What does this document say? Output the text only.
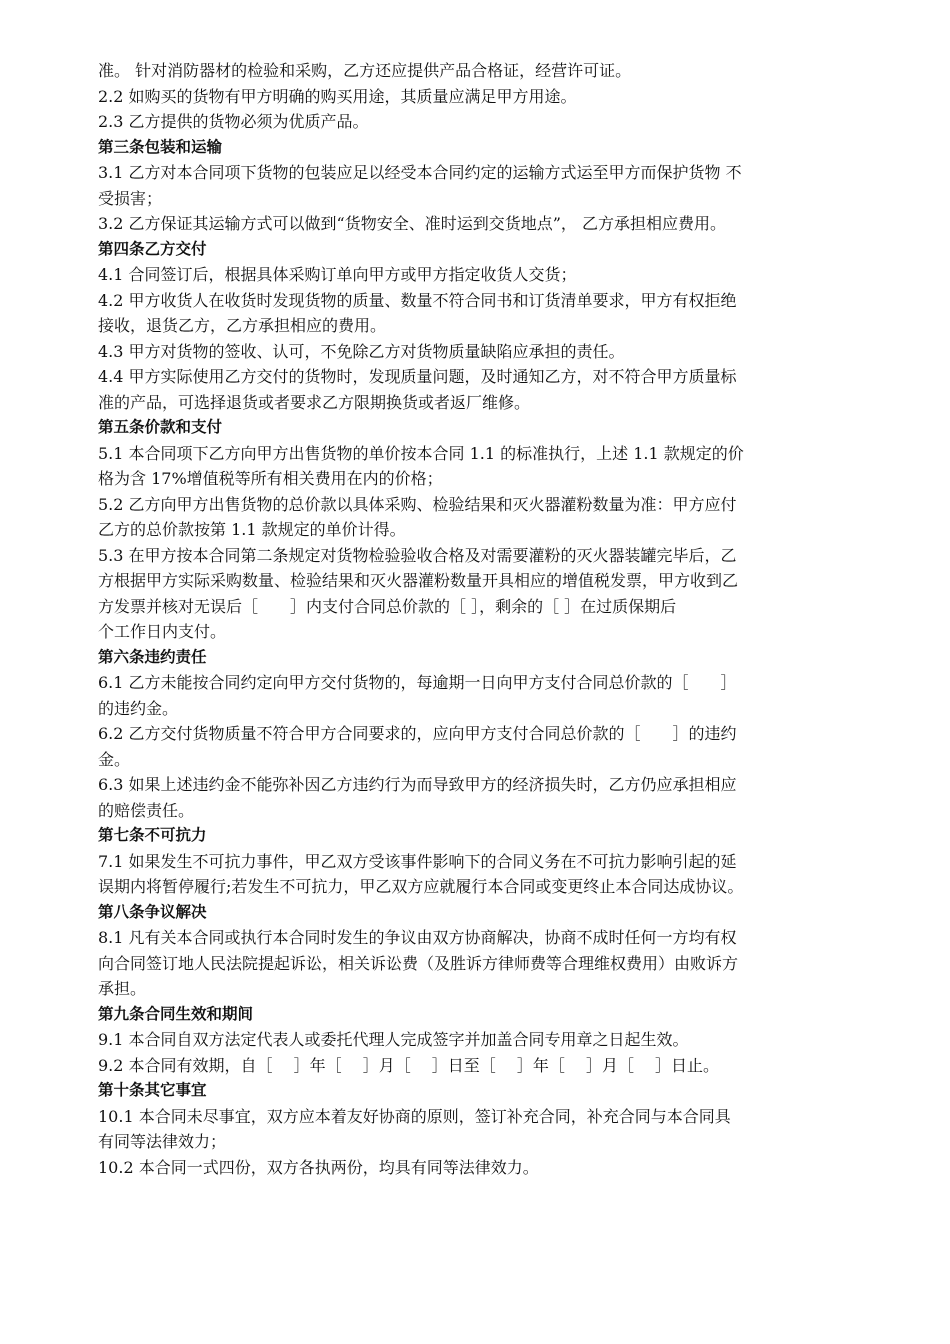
准。 针对消防器材的检验和采购，乙方还应提供产品合格证，经营许可证。
2.2 如购买的货物有甲方明确的购买用途，其质量应满足甲方用途。
2.3 乙方提供的货物必须为优质产品。
第三条包装和运输
3.1 乙方对本合同项下货物的包装应足以经受本合同约定的运输方式运至甲方而保护货物 不
受损害；
3.2 乙方保证其运输方式可以做到“货物安全、准时运到交货地点”， 乙方承担相应费用。
第四条乙方交付
4.1 合同签订后，根据具体采购订单向甲方或甲方指定收货人交货；
4.2 甲方收货人在收货时发现货物的质量、数量不符合同书和订货清单要求，甲方有权拒绝
接收，退货乙方，乙方承担相应的费用。
4.3 甲方对货物的签收、认可，不免除乙方对货物质量缺陷应承担的责任。
4.4 甲方实际使用乙方交付的货物时，发现质量问题，及时通知乙方，对不符合甲方质量标
准的产品，可选择退货或者要求乙方限期换货或者返厂维修。
第五条价款和支付
5.1 本合同项下乙方向甲方出售货物的单价按本合同 1.1 的标准执行，上述 1.1 款规定的价
格为含 17%增值税等所有相关费用在内的价格；
5.2 乙方向甲方出售货物的总价款以具体采购、检验结果和灭火器灌粉数量为准：甲方应付
乙方的总价款按第 1.1 款规定的单价计得。
5.3 在甲方按本合同第二条规定对货物检验验收合格及对需要灌粉的灭火器装罐完毕后，乙
方根据甲方实际采购数量、检验结果和灭火器灌粉数量开具相应的增值税发票，甲方收到乙
方发票并核对无误后［　　］内支付合同总价款的［ ］，剩余的［ ］在过质保期后
个工作日内支付。
第六条违约责任
6.1 乙方未能按合同约定向甲方交付货物的，每逾期一日向甲方支付合同总价款的［　　］
的违约金。
6.2 乙方交付货物质量不符合甲方合同要求的，应向甲方支付合同总价款的［　　］的违约
金。
6.3 如果上述违约金不能弥补因乙方违约行为而导致甲方的经济损失时，乙方仍应承担相应
的赔偿责任。
第七条不可抗力
7.1 如果发生不可抗力事件，甲乙双方受该事件影响下的合同义务在不可抗力影响引起的延
误期内将暂停履行;若发生不可抗力，甲乙双方应就履行本合同或变更终止本合同达成协议。
第八条争议解决
8.1 凡有关本合同或执行本合同时发生的争议由双方协商解决，协商不成时任何一方均有权
向合同签订地人民法院提起诉讼，相关诉讼费（及胜诉方律师费等合理维权费用）由败诉方
承担。
第九条合同生效和期间
9.1 本合同自双方法定代表人或委托代理人完成签字并加盖合同专用章之日起生效。
9.2 本合同有效期，自［　 ］年［　 ］月［　 ］日至［　 ］年［　 ］月［　 ］日止。
第十条其它事宜
10.1 本合同未尽事宜，双方应本着友好协商的原则，签订补充合同，补充合同与本合同具
有同等法律效力；
10.2 本合同一式四份，双方各执两份，均具有同等法律效力。
